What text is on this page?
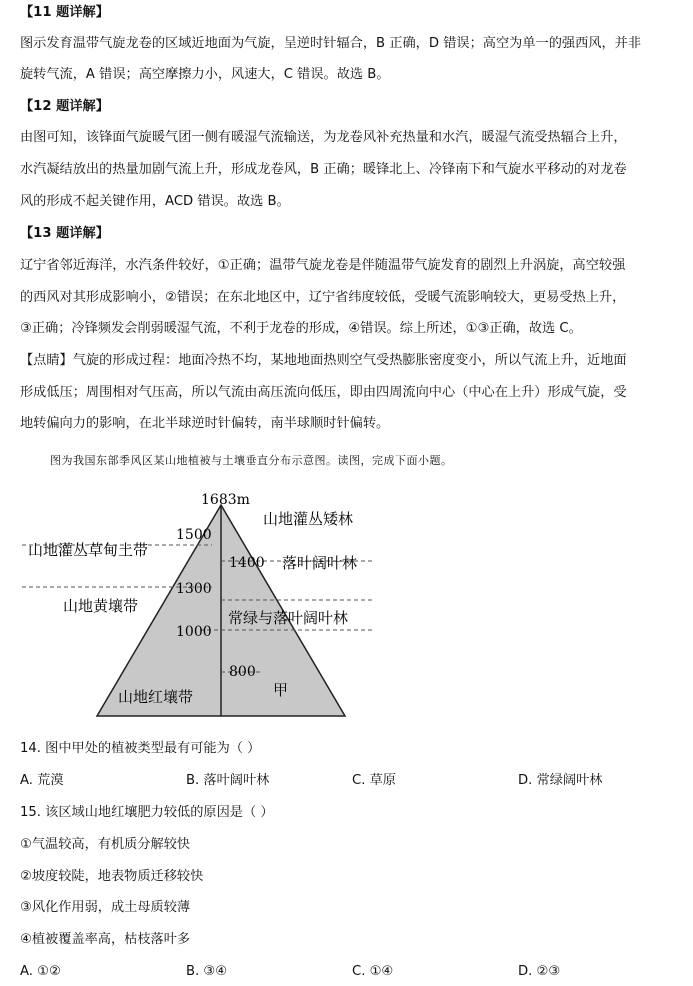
【11 题详解】
图示发育温带气旋龙卷的区域近地面为气旋，呈逆时针辐合，B 正确，D 错误；高空为单一的强西风，并非
旋转气流，A 错误；高空摩擦力小，风速大，C 错误。故选 B。
【12 题详解】
由图可知，该锋面气旋暖气团一侧有暖湿气流输送，为龙卷风补充热量和水汽，暖湿气流受热辐合上升，
水汽凝结放出的热量加剧气流上升，形成龙卷风，B 正确；暖锋北上、冷锋南下和气旋水平移动的对龙卷
风的形成不起关键作用，ACD 错误。故选 B。
【13 题详解】
辽宁省邻近海洋，水汽条件较好，①正确；温带气旋龙卷是伴随温带气旋发育的剧烈上升涡旋，高空较强
的西风对其形成影响小，②错误；在东北地区中，辽宁省纬度较低，受暖气流影响较大，更易受热上升，
③正确；冷锋频发会削弱暖湿气流，不利于龙卷的形成，④错误。综上所述，①③正确，故选 C。
【点睛】气旋的形成过程：地面冷热不均，某地地面热则空气受热膨胀密度变小，所以气流上升，近地面
形成低压；周围相对气压高，所以气流由高压流向低压，即由四周流向中心（中心在上升）形成气旋，受
地转偏向力的影响，在北半球逆时针偏转，南半球顺时针偏转。
图为我国东部季风区某山地植被与土壤垂直分布示意图。读图，完成下面小题。
1683m
1500
1300
1000
1400
800
山地灌丛草甸土带
山地黄壤带
山地红壤带
山地灌丛矮林
落叶阔叶林
常绿与落叶阔叶林
甲
14. 图中甲处的植被类型最有可能为（ ）
A. 荒漠	B. 落叶阔叶林	C. 草原	D. 常绿阔叶林
15. 该区域山地红壤肥力较低的原因是（ ）
①气温较高，有机质分解较快
②坡度较陡，地表物质迁移较快
③风化作用弱，成土母质较薄
④植被覆盖率高，枯枝落叶多
A. ①②	B. ③④	C. ①④	D. ②③
